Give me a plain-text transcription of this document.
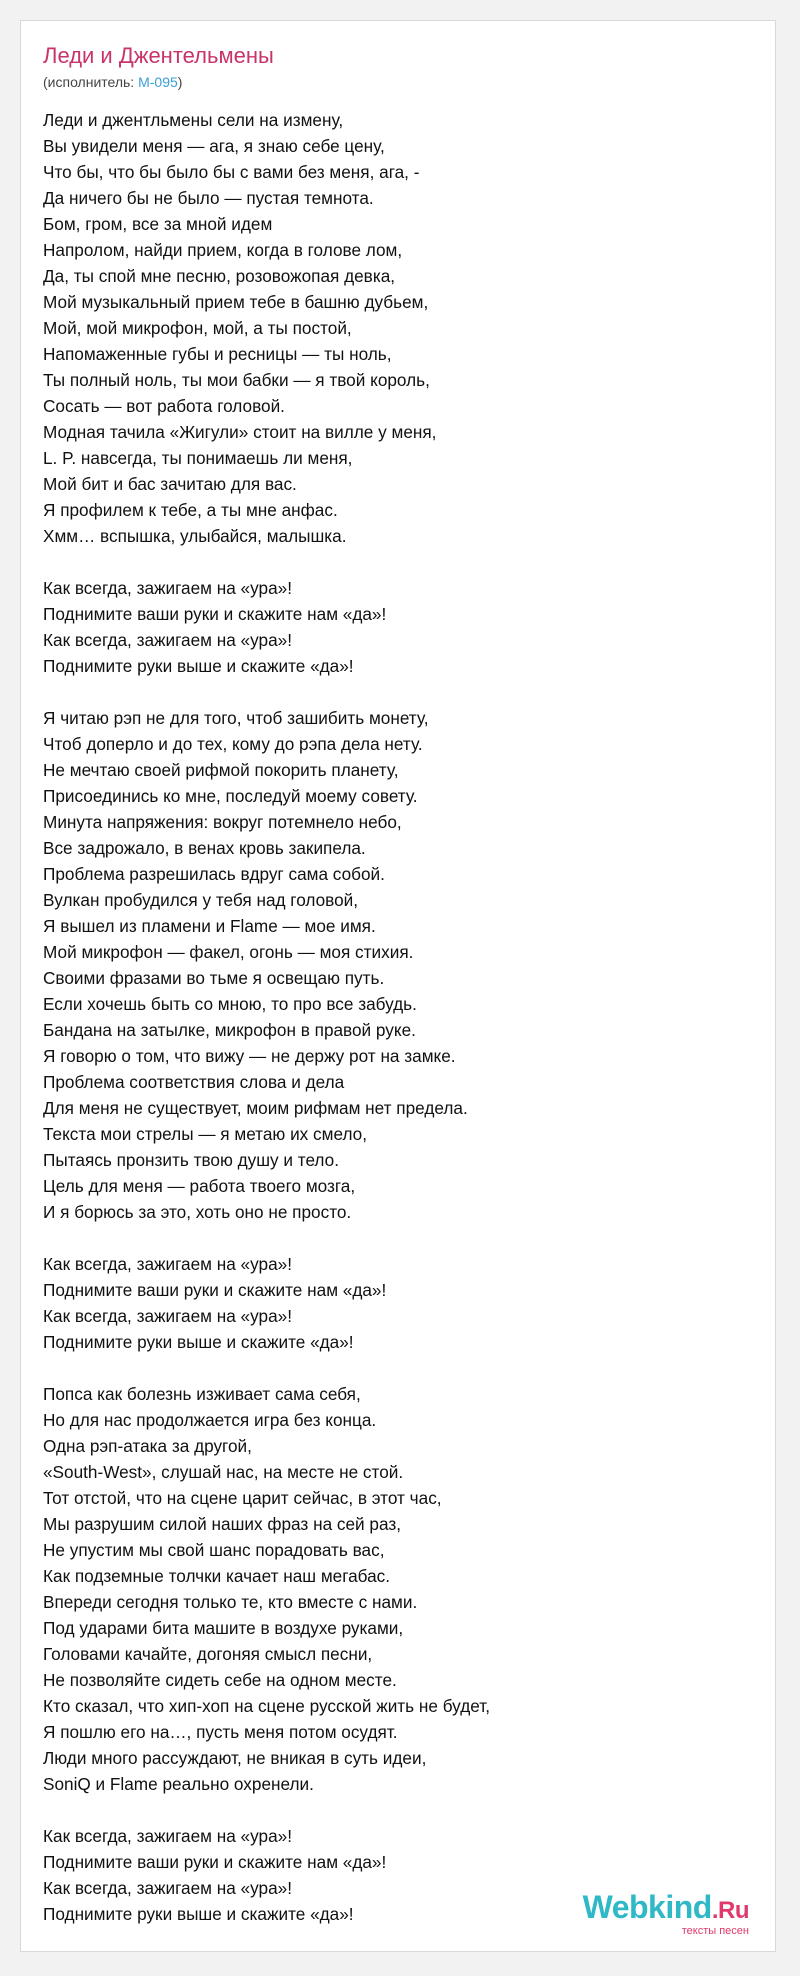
Леди и Джентельмены
(исполнитель: M-095)
Леди и джентльмены сели на измену,
Вы увидели меня — ага, я знаю себе цену,
Что бы, что бы было бы с вами без меня, ага, -
Да ничего бы не было — пустая темнота.
Бом, гром, все за мной идем
Напролом, найди прием, когда в голове лом,
Да, ты спой мне песню, розовожопая девка,
Мой музыкальный прием тебе в башню дубьем,
Мой, мой микрофон, мой, а ты постой,
Напомаженные губы и ресницы — ты ноль,
Ты полный ноль, ты мои бабки — я твой король,
Сосать — вот работа головой.
Модная тачила «Жигули» стоит на вилле у меня,
L. P. навсегда, ты понимаешь ли меня,
Мой бит и бас зачитаю для вас.
Я профилем к тебе, а ты мне анфас.
Хмм… вспышка, улыбайся, малышка.
Как всегда, зажигаем на «ура»!
Поднимите ваши руки и скажите нам «да»!
Как всегда, зажигаем на «ура»!
Поднимите руки выше и скажите «да»!
Я читаю рэп не для того, чтоб зашибить монету,
Чтоб доперло и до тех, кому до рэпа дела нету.
Не мечтаю своей рифмой покорить планету,
Присоединись ко мне, последуй моему совету.
Минута напряжения: вокруг потемнело небо,
Все задрожало, в венах кровь закипела.
Проблема разрешилась вдруг сама собой.
Вулкан пробудился у тебя над головой,
Я вышел из пламени и Flame — мое имя.
Мой микрофон — факел, огонь — моя стихия.
Своими фразами во тьме я освещаю путь.
Если хочешь быть со мною, то про все забудь.
Бандана на затылке, микрофон в правой руке.
Я говорю о том, что вижу — не держу рот на замке.
Проблема соответствия слова и дела
Для меня не существует, моим рифмам нет предела.
Текста мои стрелы — я метаю их смело,
Пытаясь пронзить твою душу и тело.
Цель для меня — работа твоего мозга,
И я борюсь за это, хоть оно не просто.
Как всегда, зажигаем на «ура»!
Поднимите ваши руки и скажите нам «да»!
Как всегда, зажигаем на «ура»!
Поднимите руки выше и скажите «да»!
Попса как болезнь изживает сама себя,
Но для нас продолжается игра без конца.
Одна рэп-атака за другой,
«South-West», слушай нас, на месте не стой.
Тот отстой, что на сцене царит сейчас, в этот час,
Мы разрушим силой наших фраз на сей раз,
Не упустим мы свой шанс порадовать вас,
Как подземные толчки качает наш мегабас.
Впереди сегодня только те, кто вместе с нами.
Под ударами бита машите в воздухе руками,
Головами качайте, догоняя смысл песни,
Не позволяйте сидеть себе на одном месте.
Кто сказал, что хип-хоп на сцене русской жить не будет,
Я пошлю его на…, пусть меня потом осудят.
Люди много рассуждают, не вникая в суть идеи,
SoniQ и Flame реально охренели.
Как всегда, зажигаем на «ура»!
Поднимите ваши руки и скажите нам «да»!
Как всегда, зажигаем на «ура»!
Поднимите руки выше и скажите «да»!	Webkind.Ru
тексты песен
